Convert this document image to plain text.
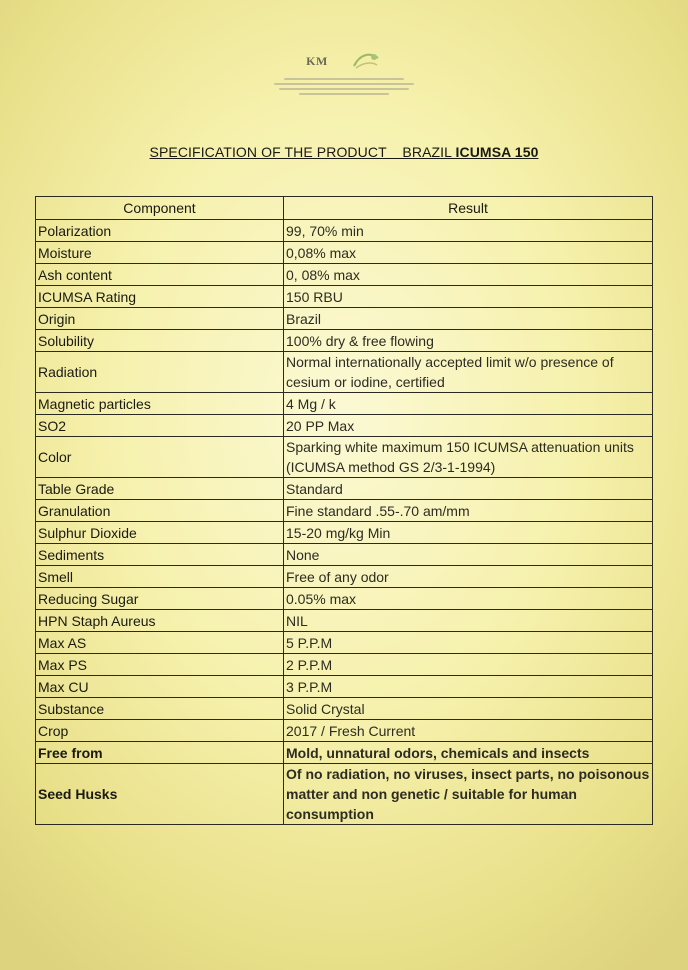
KM
SPECIFICATION OF THE PRODUCT    BRAZIL ICUMSA 150
Component	Result
Polarization	99, 70% min
Moisture	0,08% max
Ash content	0, 08% max
ICUMSA Rating	150 RBU
Origin	Brazil
Solubility	100% dry & free flowing
Radiation	Normal internationally accepted limit w/o presence of cesium or iodine, certified
Magnetic particles	4 Mg / k
SO2	20 PP Max
Color	Sparking white maximum 150 ICUMSA attenuation units (ICUMSA method GS 2/3-1-1994)
Table Grade	Standard
Granulation	Fine standard .55-.70 am/mm
Sulphur Dioxide	15-20 mg/kg Min
Sediments	None
Smell	Free of any odor
Reducing Sugar	0.05% max
HPN Staph Aureus	NIL
Max AS	5 P.P.M
Max PS	2 P.P.M
Max CU	3 P.P.M
Substance	Solid Crystal
Crop	2017 / Fresh Current
Free from	Mold, unnatural odors, chemicals and insects
Seed Husks	Of no radiation, no viruses, insect parts, no poisonous matter and non genetic / suitable for human consumption
